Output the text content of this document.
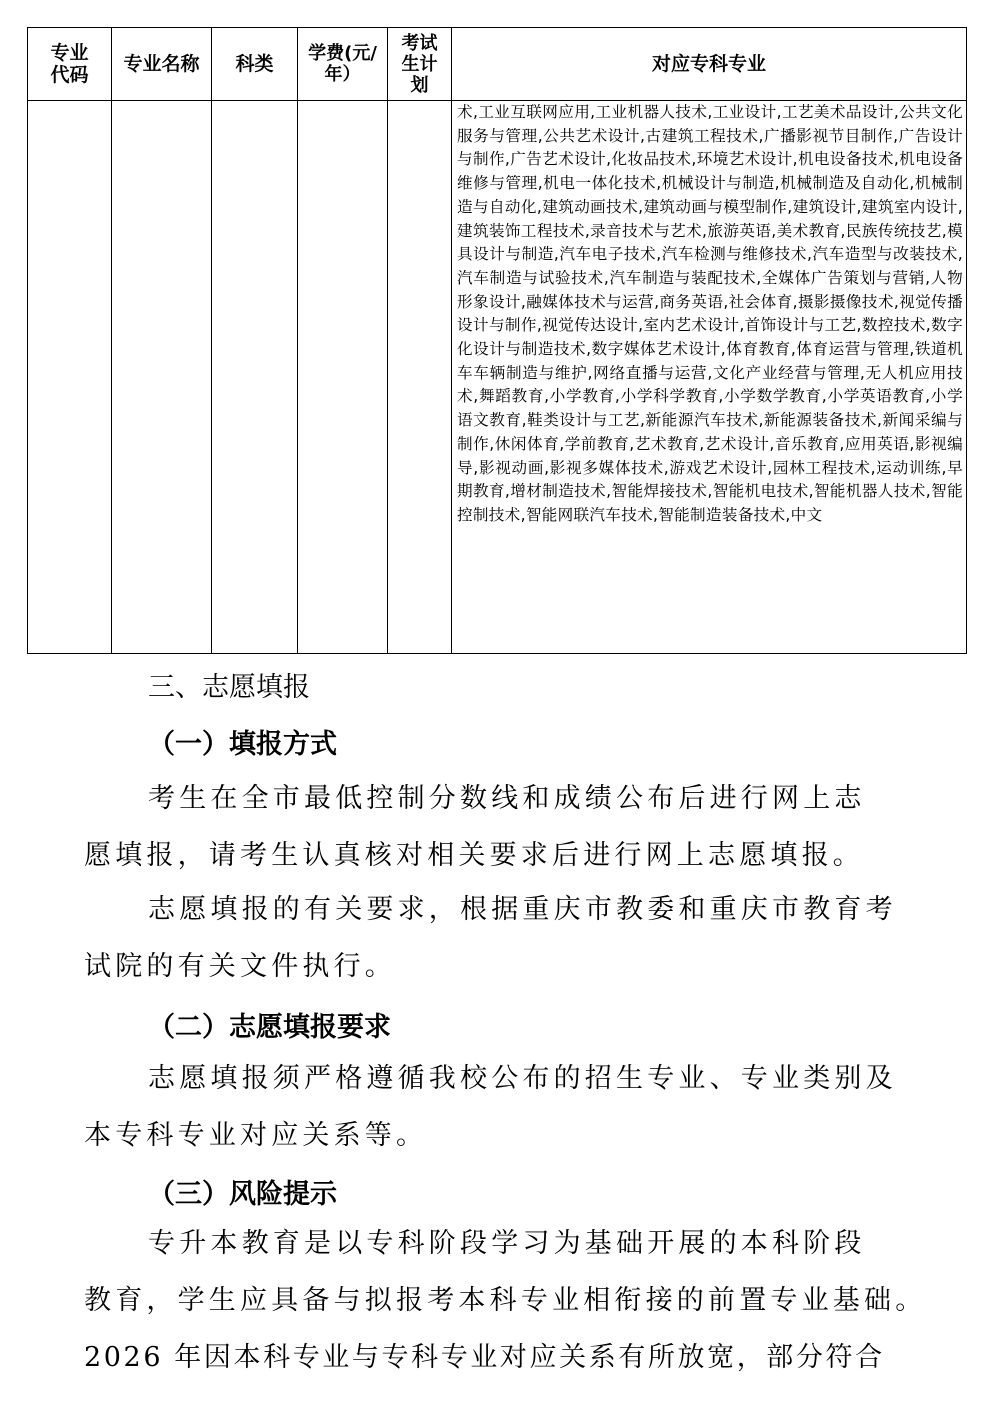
专业代码	专业名称	科类	学费(元/年）	考试生计划	对应专科专业
					术,工业互联网应用,工业机器人技术,工业设计,工艺美术品设计,公共文化服务与管理,公共艺术设计,古建筑工程技术,广播影视节目制作,广告设计与制作,广告艺术设计,化妆品技术,环境艺术设计,机电设备技术,机电设备维修与管理,机电一体化技术,机械设计与制造,机械制造及自动化,机械制造与自动化,建筑动画技术,建筑动画与模型制作,建筑设计,建筑室内设计,建筑装饰工程技术,录音技术与艺术,旅游英语,美术教育,民族传统技艺,模具设计与制造,汽车电子技术,汽车检测与维修技术,汽车造型与改装技术,汽车制造与试验技术,汽车制造与装配技术,全媒体广告策划与营销,人物形象设计,融媒体技术与运营,商务英语,社会体育,摄影摄像技术,视觉传播设计与制作,视觉传达设计,室内艺术设计,首饰设计与工艺,数控技术,数字化设计与制造技术,数字媒体艺术设计,体育教育,体育运营与管理,铁道机车车辆制造与维护,网络直播与运营,文化产业经营与管理,无人机应用技术,舞蹈教育,小学教育,小学科学教育,小学数学教育,小学英语教育,小学语文教育,鞋类设计与工艺,新能源汽车技术,新能源装备技术,新闻采编与制作,休闲体育,学前教育,艺术教育,艺术设计,音乐教育,应用英语,影视编导,影视动画,影视多媒体技术,游戏艺术设计,园林工程技术,运动训练,早期教育,增材制造技术,智能焊接技术,智能机电技术,智能机器人技术,智能控制技术,智能网联汽车技术,智能制造装备技术,中文
三、志愿填报
（一）填报方式
考生在全市最低控制分数线和成绩公布后进行网上志
愿填报，请考生认真核对相关要求后进行网上志愿填报。
志愿填报的有关要求，根据重庆市教委和重庆市教育考
试院的有关文件执行。
（二）志愿填报要求
志愿填报须严格遵循我校公布的招生专业、专业类别及
本专科专业对应关系等。
（三）风险提示
专升本教育是以专科阶段学习为基础开展的本科阶段
教育，学生应具备与拟报考本科专业相衔接的前置专业基础。
2026 年因本科专业与专科专业对应关系有所放宽，部分符合
